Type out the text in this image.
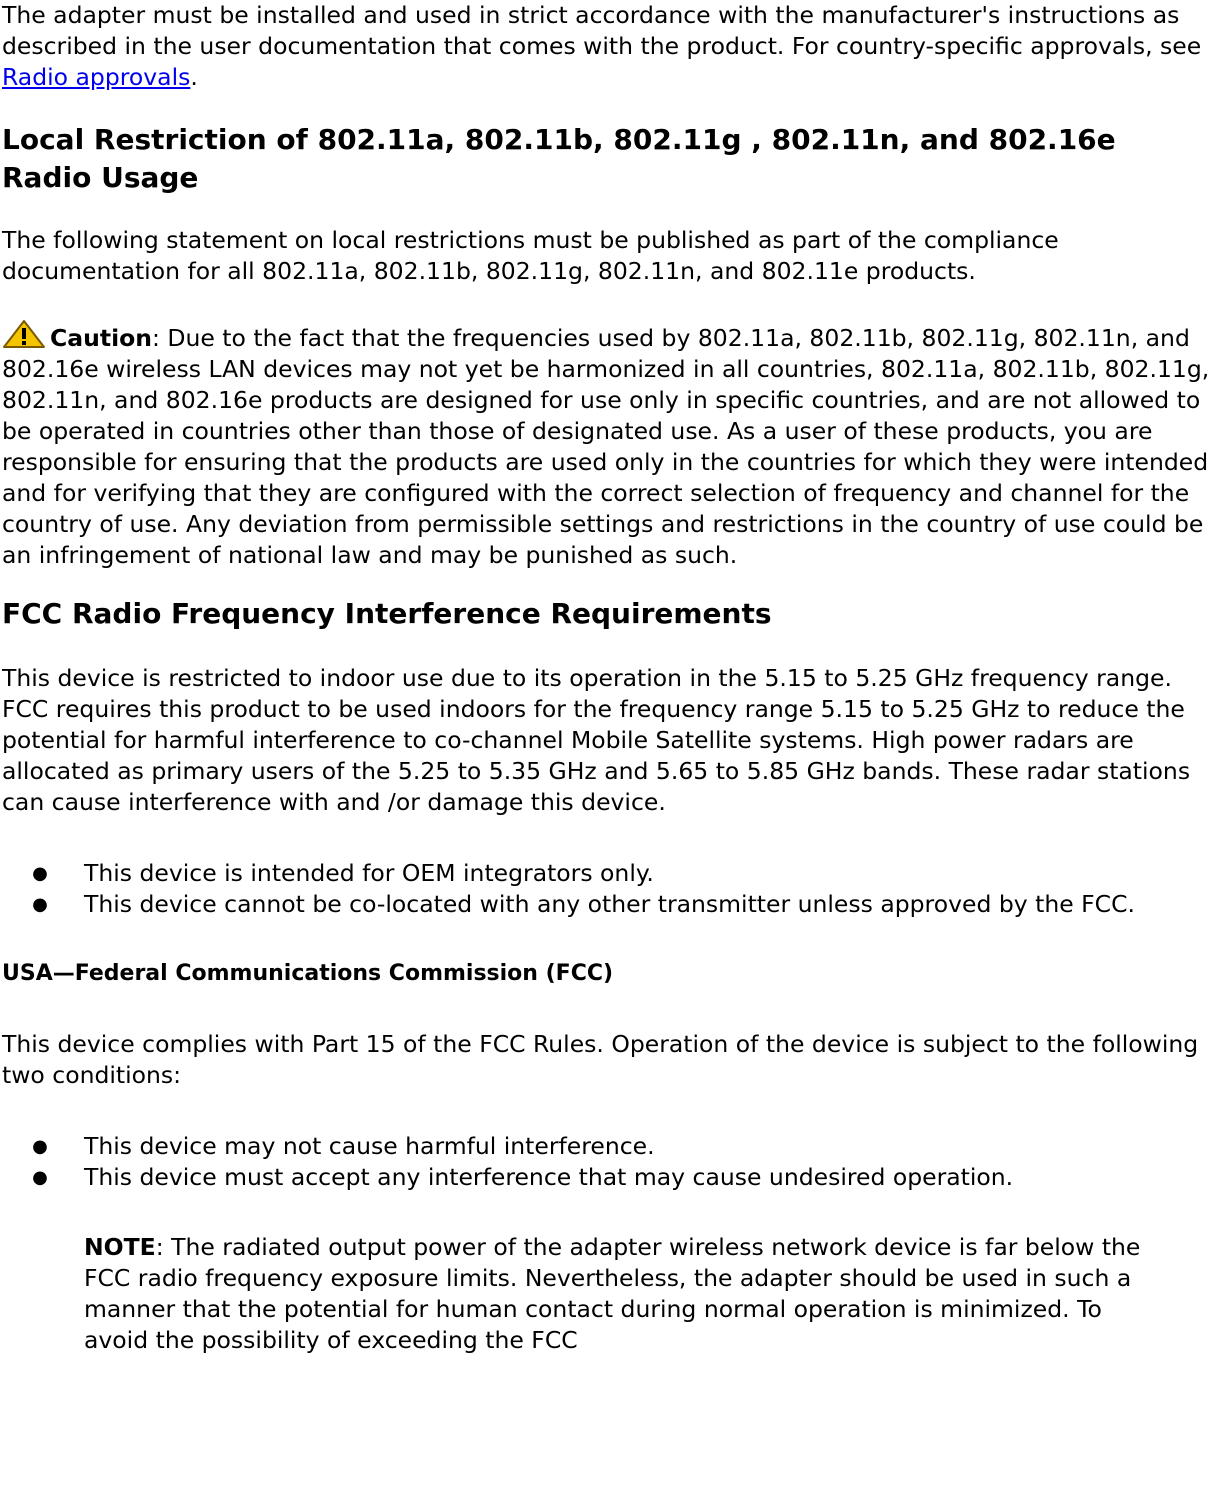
The adapter must be installed and used in strict accordance with the manufacturer's instructions as described in the user documentation that comes with the product. For country-specific approvals, see Radio approvals.

Local Restriction of 802.11a, 802.11b, 802.11g , 802.11n, and 802.16e Radio Usage

The following statement on local restrictions must be published as part of the compliance documentation for all 802.11a, 802.11b, 802.11g, 802.11n, and 802.11e products.

Caution: Due to the fact that the frequencies used by 802.11a, 802.11b, 802.11g, 802.11n, and 802.16e wireless LAN devices may not yet be harmonized in all countries, 802.11a, 802.11b, 802.11g, 802.11n, and 802.16e products are designed for use only in specific countries, and are not allowed to be operated in countries other than those of designated use. As a user of these products, you are responsible for ensuring that the products are used only in the countries for which they were intended and for verifying that they are configured with the correct selection of frequency and channel for the country of use. Any deviation from permissible settings and restrictions in the country of use could be an infringement of national law and may be punished as such.

FCC Radio Frequency Interference Requirements

This device is restricted to indoor use due to its operation in the 5.15 to 5.25 GHz frequency range. FCC requires this product to be used indoors for the frequency range 5.15 to 5.25 GHz to reduce the potential for harmful interference to co-channel Mobile Satellite systems. High power radars are allocated as primary users of the 5.25 to 5.35 GHz and 5.65 to 5.85 GHz bands. These radar stations can cause interference with and /or damage this device.

● This device is intended for OEM integrators only.
● This device cannot be co-located with any other transmitter unless approved by the FCC.
USA—Federal Communications Commission (FCC)

This device complies with Part 15 of the FCC Rules. Operation of the device is subject to the following two conditions:

● This device may not cause harmful interference.
● This device must accept any interference that may cause undesired operation.

NOTE: The radiated output power of the adapter wireless network device is far below the FCC radio frequency exposure limits. Nevertheless, the adapter should be used in such a manner that the potential for human contact during normal operation is minimized. To avoid the possibility of exceeding the FCC
